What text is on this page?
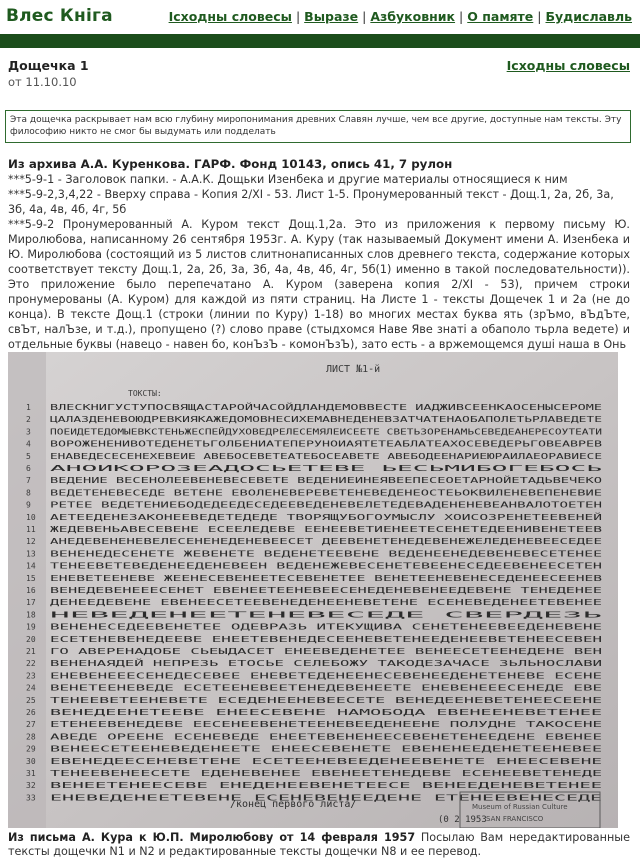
Влес Кнiга	Iсходны словесы | Выразе | Азбуковник | О памяте | Будиславль
Дощечка 1
от 11.10.10
Iсходны словесы
Эта дощечка раскрывает нам всю глубину миропонимания древних Славян лучше, чем все другие, доступные нам тексты. Эту философию никто не смог бы выдумать или подделать

Из архива А.А. Куренкова. ГАРФ. Фонд 10143, опись 41, 7 рулон

***5-9-1 - Заголовок папки. - А.А.К. Дощьки Изенбека и другие материалы относящиеся к ним

***5-9-2,3,4,22 - Вверху справа - Копия 2/XI - 53. Лист 1-5. Пронумерованный текст - Дощ.1, 2а, 2б, 3а, 3б, 4а, 4в, 4б, 4г, 5б

***5-9-2 Пронумерованный А. Куром текст Дощ.1,2а. Это из приложения к первому письму Ю. Миролюбова, написанному 26 сентября 1953г. А. Куру (так называемый Документ имени А. Изенбека и Ю. Миролюбова (состоящий из 5 листов слитнонаписанных слов древнего текста, содержание которых соответствует тексту Дощ.1, 2а, 2б, 3а, 3б, 4а, 4в, 4б, 4г, 5б(1) именно в такой последовательности)). Это приложение было перепечатано А. Куром (заверена копия 2/XI - 53), причем строки пронумерованы (А. Куром) для каждой из пяти страниц. На Листе 1 - тексты Дощечек 1 и 2а (не до конца). В тексте Дощ.1 (строки (линии по Куру) 1-18) во многих местах буква ять (зрЪмо, вЪдЪте, свЪт, налЪзе, и т.д.), пропущено (?) слово праве (стыдхомся Наве Яве знатi а обаполо тьрла ведете) и отдельные буквы (навецо - навен бо, конЪзЪ - комонЪзЪ), зато есть - а вржемощемся душi наша в Онь

ЛИСТ №1-й
ТОКСТЫ:
1	ВЛЕСКНИГУСТУПОСВЯЩАСТАРОЙЧАСОЙДЛАНДЕМОВВЕСТЕ ИАДЖИВСЕЕНКАОСЕНЫСЕРОМЕ
2	ЦАЛАЗДЕНЕВОЮДРЕВКИЯКАЖЕДОМОВНЕСИХЕМАВНЕДЕНЕВЗАТЧАТЕНАОБАПОЛЕТЬРЛАВЕДЕТЕ
3	ПОЕИДЕТЕДОМЫЕВКСТЕНЬЖЕСПЕЙДУХОВЕДРЕЛЕСЕМЯЛЕИСЕЕТЕ СВЕТЬЗОРЕНАМЬСЕВЕДЕАНЕРЕСОУТЕАТИ
4	ВОРОЖЕНЕНИВОТЕДЕНЕТЬГОЛБЕНИАТЕПЕРУНОИАЯТЕТЕАБЛАТЕАХОСЕВЕДЕРЬГОВЕАВРЕВ
5	ЕНАВЕДЕСЕСЕНЕХЕВЕИЕ АВЕБОСЕВЕТЕАТЕБОСЕАВЕТЕ АВЕБОДЕЕНАРИЕЮРАИЛАЕОРАВИЕСЕ
6	АНОИКОРОЗЕАДОСЬЕТЕВЕ ЬЕСЬМИБОГЕБОСЬ
7	ВЕДЕНИЕ ВЕСЕНОЛЕЕВЕНЕВЕСЕВЕТЕ ВЕДЕНИЕИНЕЯВЕЕПЕСЕОЕТАРНОЙЕТАДЬВЕЧЕКО
8	ВЕДЕТЕНЕВЕСЕДЕ ВЕТЕНЕ ЕВОЛЕНЕВЕРЕВЕТЕНЕВЕДЕНЕОСТЕЬОКВИЛЕНЕВЕПЕНЕВИЕ
9	РЕТЕЕ ВЕДЕТЕНИЕБОДЕДЕЕДЕСЕДЕЕВЕДЕНЕВЕЛЕТЕДЕВАДЕНЕНЕВЕАНВАЛОТОЕТЕН
10 АЕТЕЕДЕНЕЗАКОНЕЕВЕДЕТЕДЕДЕ ТВОРЯЩУБОГОУМЫСЛУ ХОИСОЗРЕНЕТЕЕВЕНЕЙ
11 ЖЕДЕВЕНЬАВЕСЕВЕНЕ ЕСЕЕЛЕДЕВЕ ЕЕНЕЕВЕТИЕНЕЕТЕСЕНЕТЕДЕЕНИВЕНЕТЕЕВ
12 АНЕДЕВЕНЕНЕВЕЛЕСЕНЕНЕДЕНЕВЕЕСЕТ ДЕЕВЕНЕТЕНЕДЕВЕНЕЖЕЛЕДЕНЕВЕЕСЕДЕЕ
13 ВЕНЕНЕДЕСЕНЕТЕ ЖЕВЕНЕТЕ ВЕДЕНЕТЕЕВЕНЕ ВЕДЕНЕЕНЕДЕВЕНЕВЕСЕТЕНЕЕ
14 ТЕНЕЕВЕТЕВЕДЕНЕЕДЕНЕВЕЕН ВЕДЕНЕЖЕВЕСЕНЕТЕВЕЕНЕСЕДЕЕВЕНЕЕСЕТЕН
15 ЕНЕВЕТЕЕНЕВЕ ЖЕЕНЕСЕВЕНЕЕТЕСЕВЕНЕТЕЕ ВЕНЕТЕЕНЕВЕНЕСЕДЕНЕЕСЕЕНЕВ
16 ВЕНЕДЕВЕНЕЕЕСЕНЕТ ЕВЕНЕЕТЕЕНЕВЕЕСЕНЕДЕНЕВЕНЕЕДЕВЕНЕ ТЕНЕДЕНЕЕ
17 ДЕНЕЕДЕВЕНЕ ЕВЕНЕЕСЕТЕЕВЕНЕДЕНЕЕНЕВЕТЕНЕ ЕСЕНЕВЕДЕНЕЕТЕВЕНЕЕ
18 НЕВЕДЕНЕЕТЕНЕВЕСЕДЕ СВЕРДЕЗЬ
19 ВЕНЕНЕСЕДЕЕВЕНЕТЕЕ ОДЕВРАЗЬ ИТЕКУЩИВА СЕНЕТЕНЕЕВЕЕДЕНЕВЕНЕ
20 ЕСЕТЕНЕВЕНЕДЕЕВЕ ЕНЕЕТЕВЕНЕДЕСЕЕНЕВЕТЕНЕЕДЕНЕЕВЕТЕНЕЕСЕВЕН
21 ГО АВЕРЕНАДОБЕ СЬЕЫДАСЕТ ЕНЕЕВЕДЕНЕТЕЕ ВЕНЕЕСЕТЕЕНЕДЕНЕ ВЕН
22 ВЕНЕНАЯДЕЙ НЕПРЕЗЬ ЕТОСЬЕ СЕЛЕБОЖУ ТАКОДЕЗАЧАСЕ ЗЬЛЬНОСЛАВИ
23 ЕНЕВЕНЕЕЕСЕНЕДЕСЕВЕЕ ЕНЕВЕТЕДЕНЕЕНЕСЕВЕНЕЕДЕНЕТЕНЕВЕ ЕСЕНЕ
24 ВЕНЕТЕЕНЕВЕДЕ ЕСЕТЕЕНЕВЕЕТЕНЕДЕВЕНЕЕТЕ ЕНЕВЕНЕЕЕСЕНЕДЕ ЕВЕ
25 ТЕНЕЕВЕТЕЕНЕВЕТЕ ЕСЕДЕНЕЕНЕВЕЕСЕТЕ ВЕНЕДЕЕНЕВЕТЕНЕЕСЕЕНЕ
26 ВЕНЕДЕЕНЕТЕЕВЕ ЕНЕЕСЕВЕНЕ НАМОБОДА ЕВЕНЕЕНЕВЕТЕНЕЕ
27 ЕТЕНЕЕВЕНЕДЕВЕ ЕЕСЕНЕЕВЕНЕТЕЕНЕВЕЕДЕНЕЕНЕ ПОЛУДНЕ ТАКОСЕНЕ
28 АВЕДЕ ОРЕЕНЕ ЕСЕНЕВЕДЕ ЕНЕЕТЕВЕНЕНЕЕСЕВЕНЕТЕНЕЕДЕНЕ ЕВЕНЕЕ
29 ВЕНЕЕСЕТЕЕНЕВЕДЕНЕЕТЕ ЕНЕЕСЕВЕНЕТЕ ЕВЕНЕНЕЕДЕНЕТЕЕНЕВЕЕ
30 ЕВЕНЕДЕЕСЕНЕВЕТЕНЕ ЕСЕТЕЕНЕВЕЕДЕНЕЕВЕНЕТЕ ЕНЕЕСЕВЕНЕ
31 ТЕНЕЕВЕНЕЕСЕТЕ ЕДЕНЕВЕНЕЕ ЕВЕНЕЕТЕНЕДЕВЕ ЕСЕНЕЕВЕТЕНЕДЕ
32 ВЕНЕЕТЕНЕЕСЕВЕ ЕНЕДЕНЕЕВЕНЕТЕЕСЕ ВЕНЕЕДЕНЕВЕТЕНЕЕ
33 ЕНЕВЕДЕНЕЕТЕВЕНЕ ЕСЕНЕВЕНЕЕДЕНЕ ЕТЕНЕЕВЕНЕСЕДЕ
/конец первого листа/	Museum of Russian Culture
SAN FRANCISCO
(0 2 1953
Из письма А. Кура к Ю.П. Миролюбову от 14 февраля 1957 Посылаю Вам нередактированные тексты дощечки N1 и N2 и редактированные тексты дощечки N8 и ее перевод.
